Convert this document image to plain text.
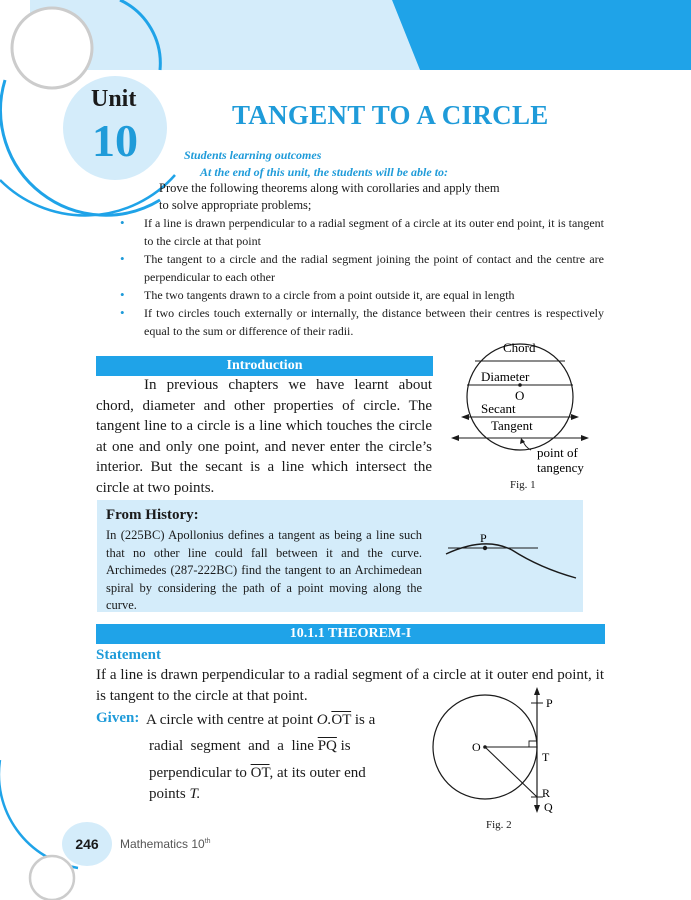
Unit
10	TANGENT TO A CIRCLE
Students learning outcomes
At the end of this unit, the students will be able to:
Prove the following theorems along with corollaries and apply them
to solve appropriate problems;
• If a line is drawn perpendicular to a radial segment of a circle at its outer end point, it is tangent to the circle at that point
• The tangent to a circle and the radial segment joining the point of contact and the centre are perpendicular to each other
• The two tangents drawn to a circle from a point outside it, are equal in length
• If two circles touch externally or internally, the distance between their centres is respectively equal to the sum or difference of their radii.
Introduction
In previous chapters we have learnt about chord, diameter and other properties of circle. The tangent line to a circle is a line which touches the circle at one and only one point, and never enter the circle’s interior. But the secant is a line which intersect the circle at two points.
Chord
Diameter
O
Secant
Tangent
point of
tangency
Fig. 1
From History:
In (225BC) Apollonius defines a tangent as being a line such that no other line could fall between it and the curve. Archimedes (287-222BC) find the tangent to an Archimedean spiral by considering the path of a point moving along the curve.
P
10.1.1 THEOREM-I
Statement
If a line is drawn perpendicular to a radial segment of a circle at it outer end point, it is tangent to the circle at that point.
Given: A circle with centre at point $O.\overline{OT}$ is a
radial  segment  and  a  line $\overline{PQ}$ is
perpendicular to $\overline{OT}$, at its outer end
points T.
P
O
T
R
Q
Fig. 2
246	Mathematics 10th
